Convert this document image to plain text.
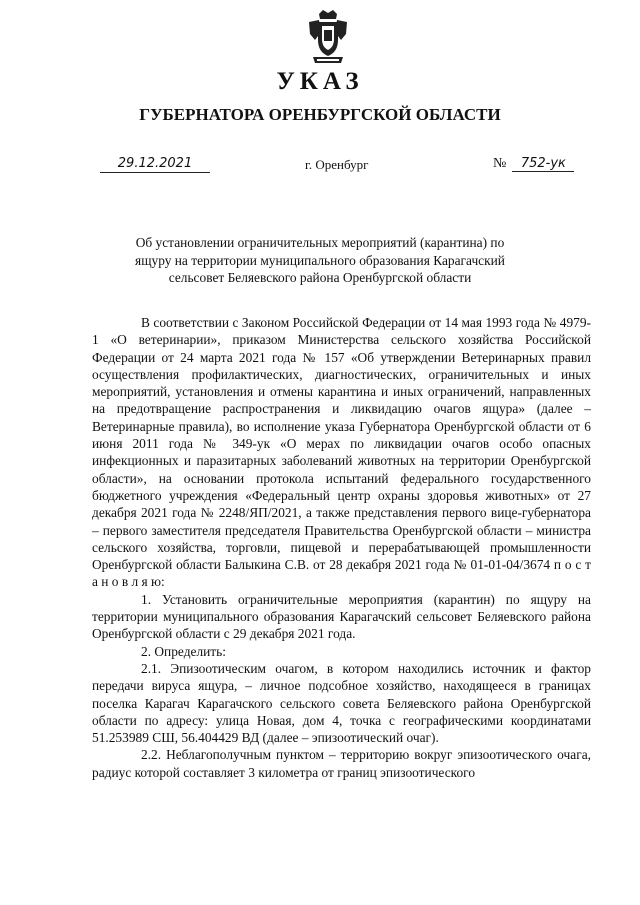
УКАЗ
ГУБЕРНАТОРА ОРЕНБУРГСКОЙ ОБЛАСТИ
29.12.2021	г. Оренбург	№ 752-ук
Об установлении ограничительных мероприятий (карантина) по ящуру на территории муниципального образования Карагачский сельсовет Беляевского района Оренбургской области

В соответствии с Законом Российской Федерации от 14 мая 1993 года № 4979-1 «О ветеринарии», приказом Министерства сельского хозяйства Российской Федерации от 24 марта 2021 года № 157 «Об утверждении Ветеринарных правил осуществления профилактических, диагностических, ограничительных и иных мероприятий, установления и отмены карантина и иных ограничений, направленных на предотвращение распространения и ликвидацию очагов ящура» (далее – Ветеринарные правила), во исполнение указа Губернатора Оренбургской области от 6 июня 2011 года № 349-ук «О мерах по ликвидации очагов особо опасных инфекционных и паразитарных заболеваний животных на территории Оренбургской области», на основании протокола испытаний федерального государственного бюджетного учреждения «Федеральный центр охраны здоровья животных» от 27 декабря 2021 года № 2248/ЯП/2021, а также представления первого вице-губернатора – первого заместителя председателя Правительства Оренбургской области – министра сельского хозяйства, торговли, пищевой и перерабатывающей промышленности Оренбургской области Балыкина С.В. от 28 декабря 2021 года № 01-01-04/3674 п о с т а н о в л я ю:

1. Установить ограничительные мероприятия (карантин) по ящуру на территории муниципального образования Карагачский сельсовет Беляевского района Оренбургской области с 29 декабря 2021 года.

2. Определить:

2.1. Эпизоотическим очагом, в котором находились источник и фактор передачи вируса ящура, – личное подсобное хозяйство, находящееся в границах поселка Карагач Карагачского сельского совета Беляевского района Оренбургской области по адресу: улица Новая, дом 4, точка с географическими координатами 51.253989 СШ, 56.404429 ВД (далее – эпизоотический очаг).

2.2. Неблагополучным пунктом – территорию вокруг эпизоотического очага, радиус которой составляет 3 километра от границ эпизоотического
